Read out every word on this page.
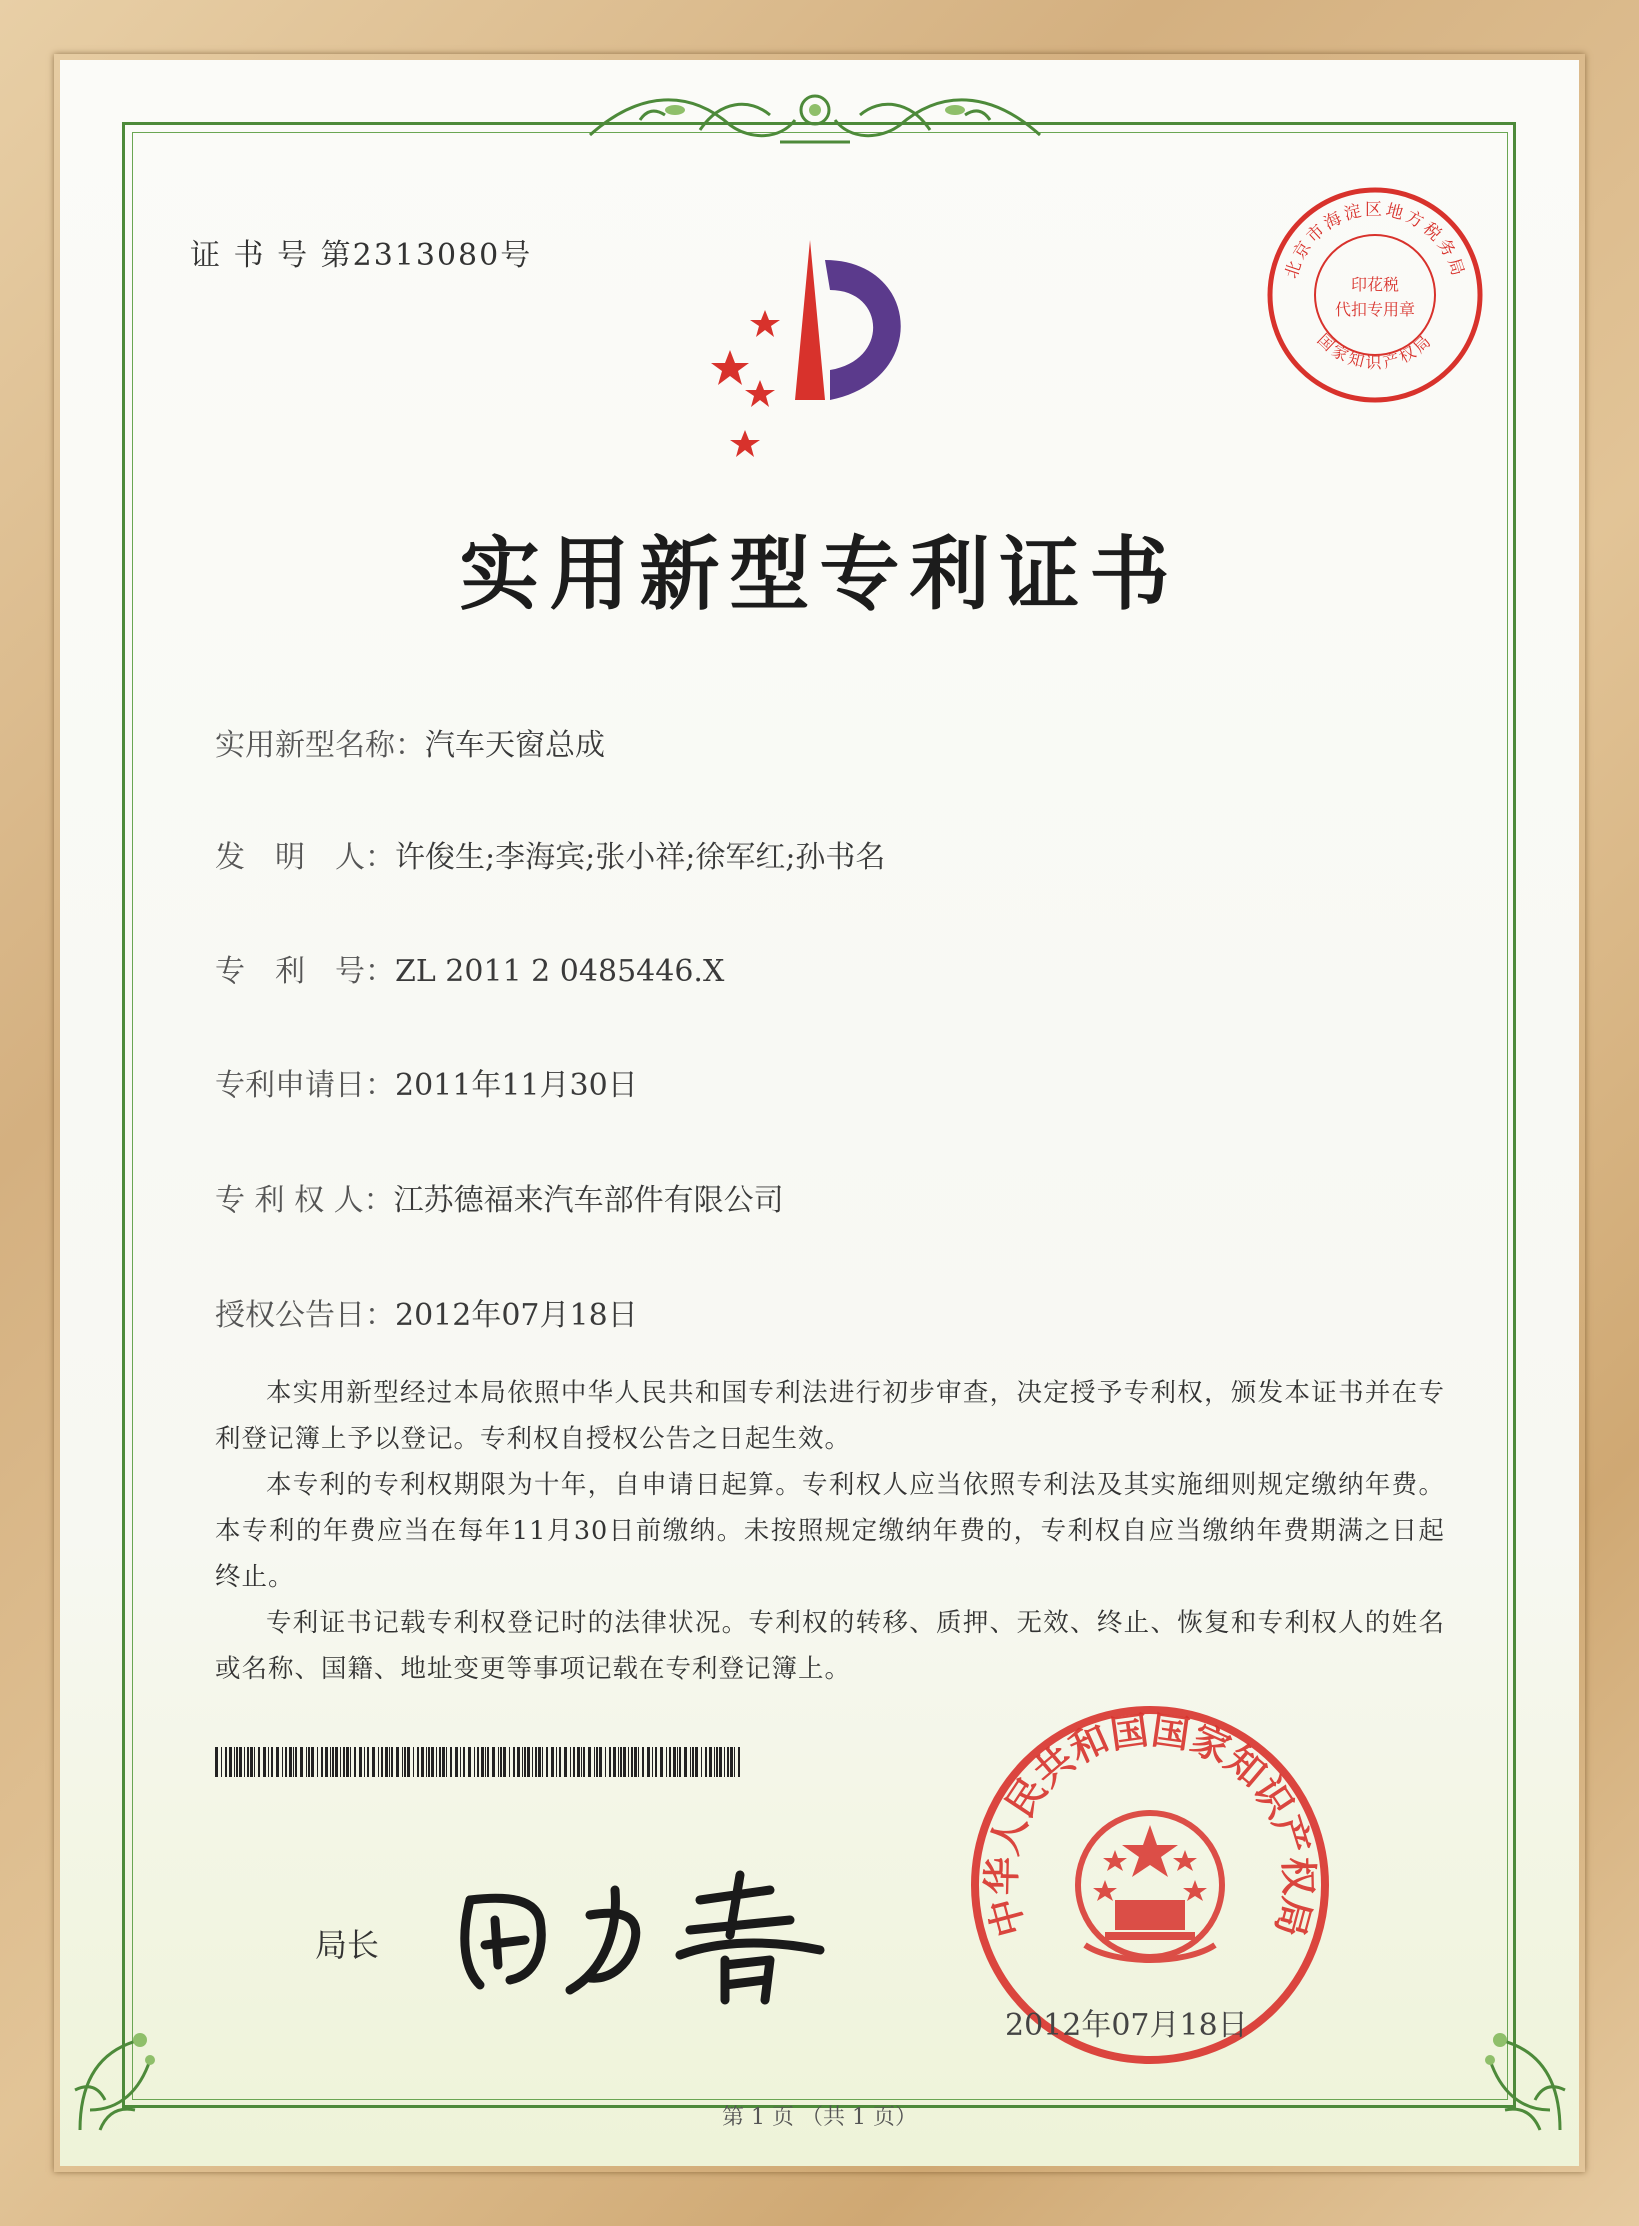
证 书 号 第2313080号	北京市海淀区地方税务局
印花税
代扣专用章
国家知识产权局
实用新型专利证书
实用新型名称：汽车天窗总成
发　明　人：许俊生;李海宾;张小祥;徐军红;孙书名
专　利　号：ZL 2011 2 0485446.X
专利申请日：2011年11月30日
专 利 权 人：江苏德福来汽车部件有限公司
授权公告日：2012年07月18日
本实用新型经过本局依照中华人民共和国专利法进行初步审查，决定授予专利权，颁发本证书并在专利登记簿上予以登记。专利权自授权公告之日起生效。
本专利的专利权期限为十年，自申请日起算。专利权人应当依照专利法及其实施细则规定缴纳年费。本专利的年费应当在每年11月30日前缴纳。未按照规定缴纳年费的，专利权自应当缴纳年费期满之日起终止。
专利证书记载专利权登记时的法律状况。专利权的转移、质押、无效、终止、恢复和专利权人的姓名或名称、国籍、地址变更等事项记载在专利登记簿上。
局长
中华人民共和国国家知识产权局
2012年07月18日
第 1 页 （共 1 页）
